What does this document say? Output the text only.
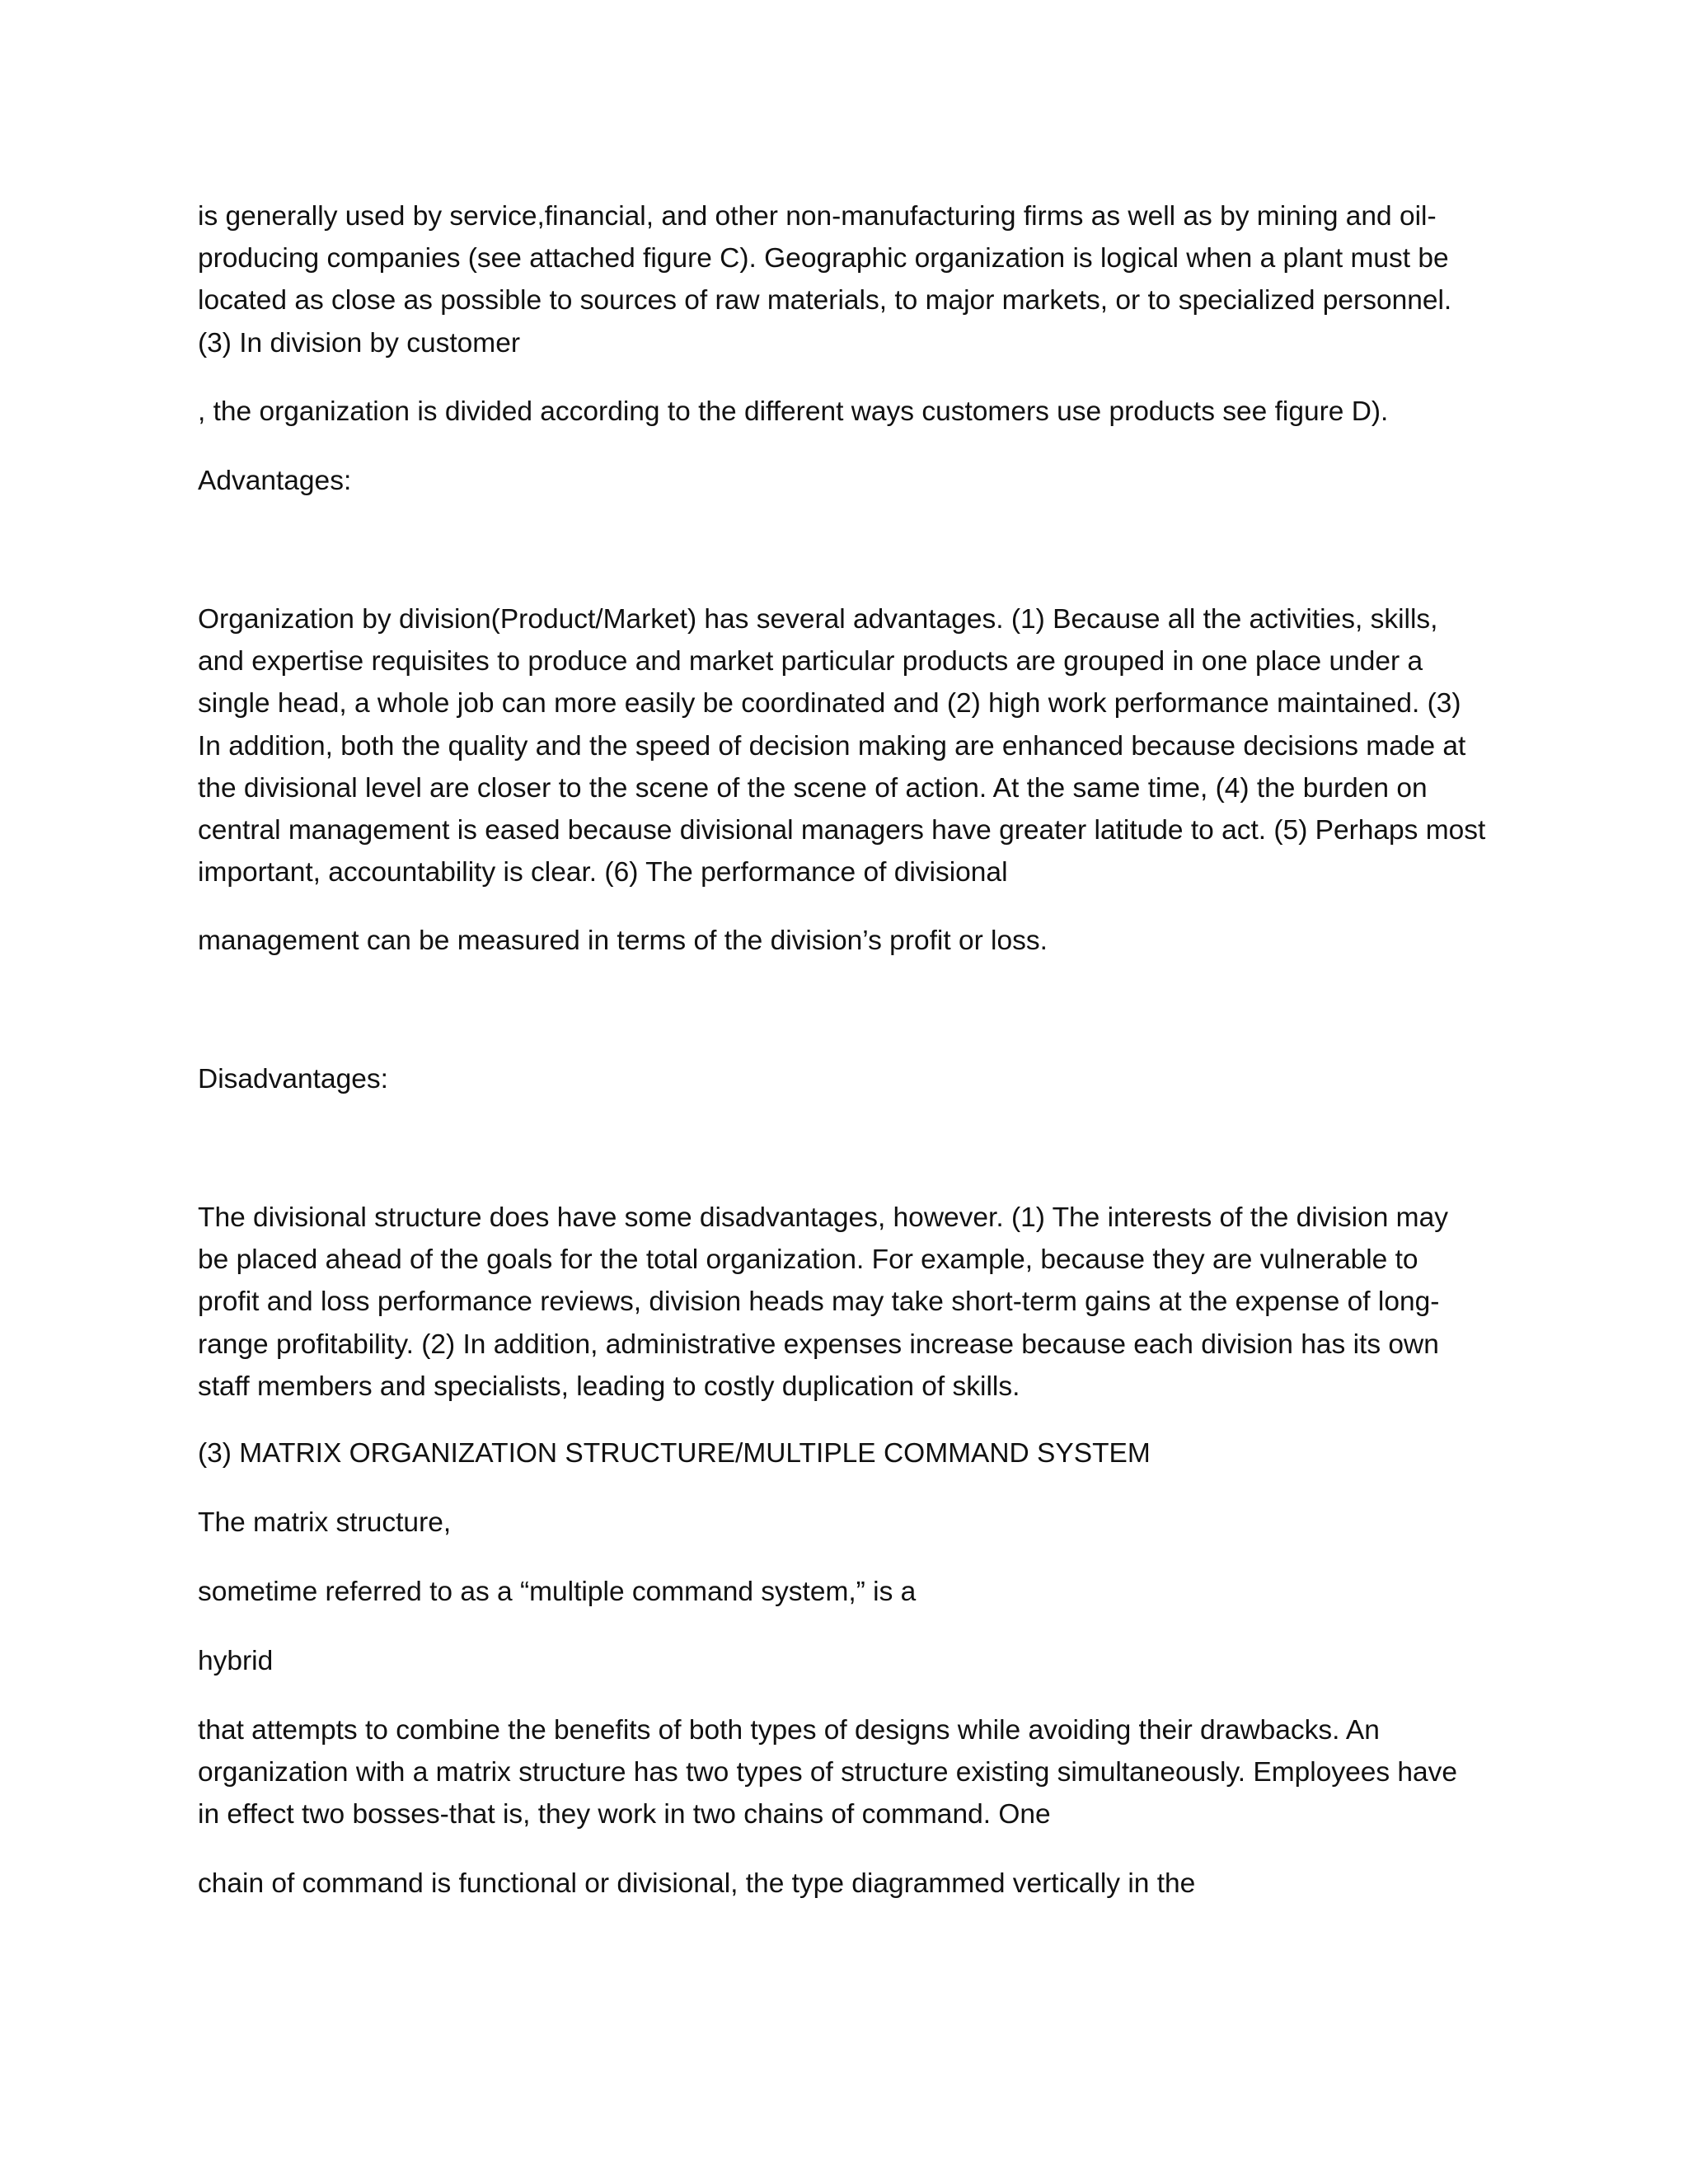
is generally used by service,financial, and other non-manufacturing firms as well as by mining and oil-
producing companies (see attached figure C). Geographic organization is logical when a plant must be
located as close as possible to sources of raw materials, to major markets, or to specialized personnel.
(3) In division by customer

, the organization is divided according to the different ways customers use products see figure D).

Advantages:

Organization by division(Product/Market) has several advantages. (1) Because all the activities, skills,
and expertise requisites to produce and market particular products are grouped in one place under a
single head, a whole job can more easily be coordinated and (2) high work performance maintained. (3)
In addition, both the quality and the speed of decision making are enhanced because decisions made at
the divisional level are closer to the scene of the scene of action. At the same time, (4) the burden on
central management is eased because divisional managers have greater latitude to act. (5) Perhaps most
important, accountability is clear. (6) The performance of divisional

management can be measured in terms of the division’s profit or loss.

Disadvantages:

The divisional structure does have some disadvantages, however. (1) The interests of the division may
be placed ahead of the goals for the total organization. For example, because they are vulnerable to
profit and loss performance reviews, division heads may take short-term gains at the expense of long-
range profitability. (2) In addition, administrative expenses increase because each division has its own
staff members and specialists, leading to costly duplication of skills.

(3) MATRIX ORGANIZATION STRUCTURE/MULTIPLE COMMAND SYSTEM

The matrix structure,

sometime referred to as a “multiple command system,” is a

hybrid

that attempts to combine the benefits of both types of designs while avoiding their drawbacks. An
organization with a matrix structure has two types of structure existing simultaneously. Employees have
in effect two bosses-that is, they work in two chains of command. One

chain of command is functional or divisional, the type diagrammed vertically in the
